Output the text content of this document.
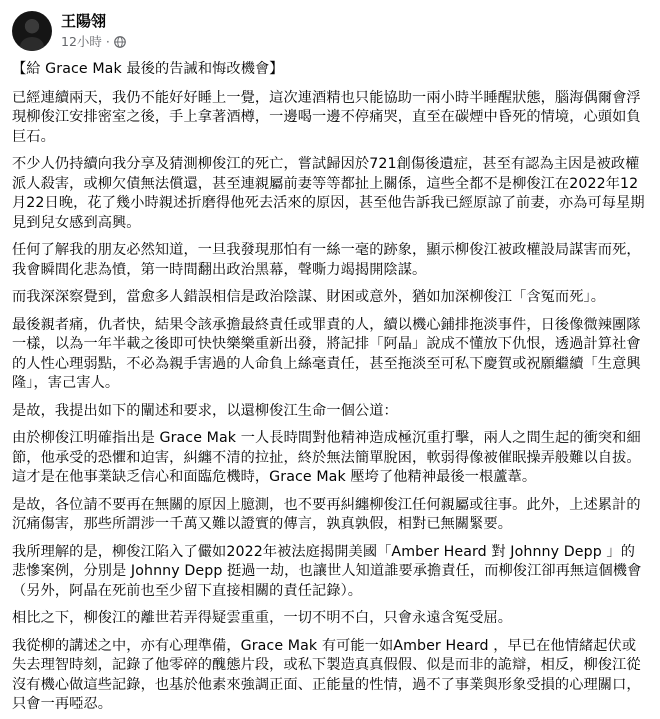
王陽翎
12小時 ·

【給 Grace Mak 最後的告誡和悔改機會】

已經連續兩天，我仍不能好好睡上一覺，這次連酒精也只能協助一兩小時半睡醒狀態，腦海偶爾會浮現柳俊江安排密室之後，手上拿著酒樽，一邊喝一邊不停痛哭，直至在碳煙中昏死的情境，心頭如負巨石。

不少人仍持續向我分享及猜測柳俊江的死亡，嘗試歸因於721創傷後遺症，甚至有認為主因是被政權派人殺害，或柳欠債無法償還，甚至連親屬前妻等等都扯上關係，這些全都不是柳俊江在2022年12月22日晚，花了幾小時親述折磨得他死去活來的原因，甚至他告訴我已經原諒了前妻，亦為可每星期見到兒女感到高興。

任何了解我的朋友必然知道，一旦我發現那怕有一絲一毫的跡象，顯示柳俊江被政權設局謀害而死，我會瞬間化悲為憤，第一時間翻出政治黑幕，聲嘶力竭揭開陰謀。

而我深深察覺到，當愈多人錯誤相信是政治陰謀、財困或意外，猶如加深柳俊江「含冤而死」。

最後親者痛，仇者快，結果令該承擔最終責任或罪責的人，續以機心鋪排拖淡事件，日後像微辣團隊一樣，以為一年半載之後即可快快樂樂重新出發，將記排「阿晶」說成不懂放下仇恨，透過計算社會的人性心理弱點，不必為親手害過的人命負上絲毫責任，甚至拖淡至可私下慶賀或祝願繼續「生意興隆」，害己害人。

是故，我提出如下的闡述和要求，以還柳俊江生命一個公道：

由於柳俊江明確指出是 Grace Mak 一人長時間對他精神造成極沉重打擊，兩人之間生起的衝突和細節，他承受的恐懼和迫害，糾纏不清的拉扯，終於無法簡單脫困，軟弱得像被催眠操弄般難以自拔。這才是在他事業缺乏信心和面臨危機時，Grace Mak 壓垮了他精神最後一根蘆葦。

是故，各位請不要再在無關的原因上臆測，也不要再糾纏柳俊江任何親屬或往事。此外，上述累計的沉痛傷害，那些所謂涉一千萬又難以證實的傳言，孰真孰假，相對已無關緊要。

我所理解的是，柳俊江陷入了儼如2022年被法庭揭開美國「Amber Heard 對 Johnny Depp 」的悲慘案例，分別是 Johnny Depp 挺過一劫，也讓世人知道誰要承擔責任，而柳俊江卻再無這個機會（另外，阿晶在死前也至少留下直接相關的責任記錄）。

相比之下，柳俊江的離世若弄得疑雲重重，一切不明不白，只會永遠含冤受屈。

我從柳的講述之中，亦有心理準備，Grace Mak 有可能一如Amber Heard ，早已在他情緒起伏或失去理智時刻，記錄了他零碎的醜態片段，或私下製造真真假假、似是而非的詭辯，相反，柳俊江從沒有機心做這些記錄，也基於他素來強調正面、正能量的性情，過不了事業與形象受損的心理關口，只會一再啞忍。
